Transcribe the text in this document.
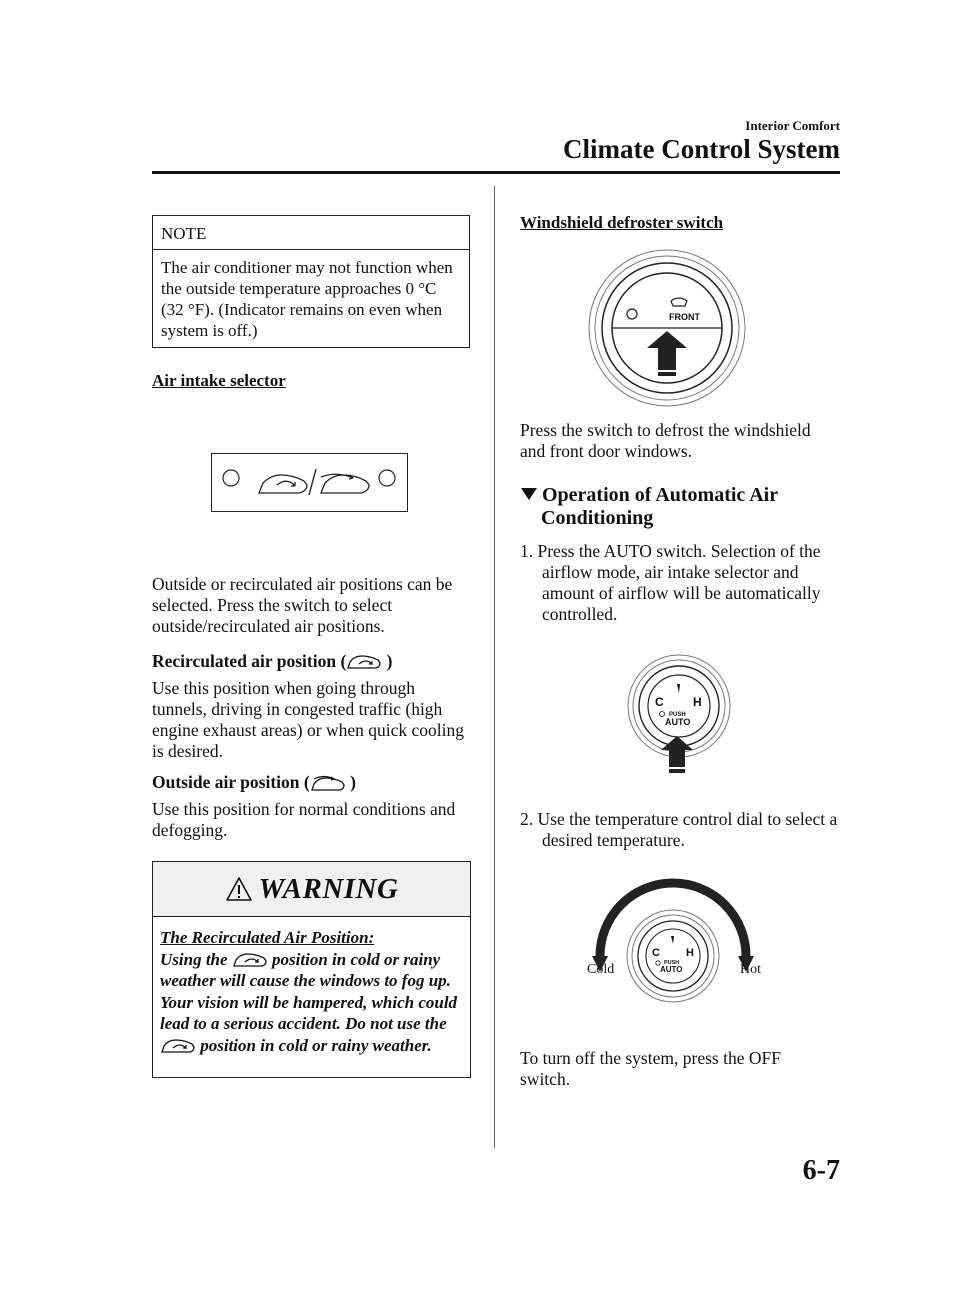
Interior Comfort
Climate Control System
NOTE
The air conditioner may not function when the outside temperature approaches 0 °C (32 °F). (Indicator remains on even when system is off.)
Air intake selector
Outside or recirculated air positions can be selected. Press the switch to select outside/recirculated air positions.
Recirculated air position ( )
Use this position when going through tunnels, driving in congested traffic (high engine exhaust areas) or when quick cooling is desired.
Outside air position ( )
Use this position for normal conditions and defogging.
WARNING
The Recirculated Air Position:
Using the  position in cold or rainy weather will cause the windows to fog up. Your vision will be hampered, which could lead to a serious accident. Do not use the  position in cold or rainy weather.
Windshield defroster switch
FRONT
Press the switch to defrost the windshield and front door windows.
Operation of Automatic Air
Conditioning
1. Press the AUTO switch. Selection of the airflow mode, air intake selector and amount of airflow will be automatically controlled.
C H
PUSH
AUTO
2. Use the temperature control dial to select a desired temperature.
C H
PUSH
AUTO
Cold	Hot
To turn off the system, press the OFF switch.
6-7
